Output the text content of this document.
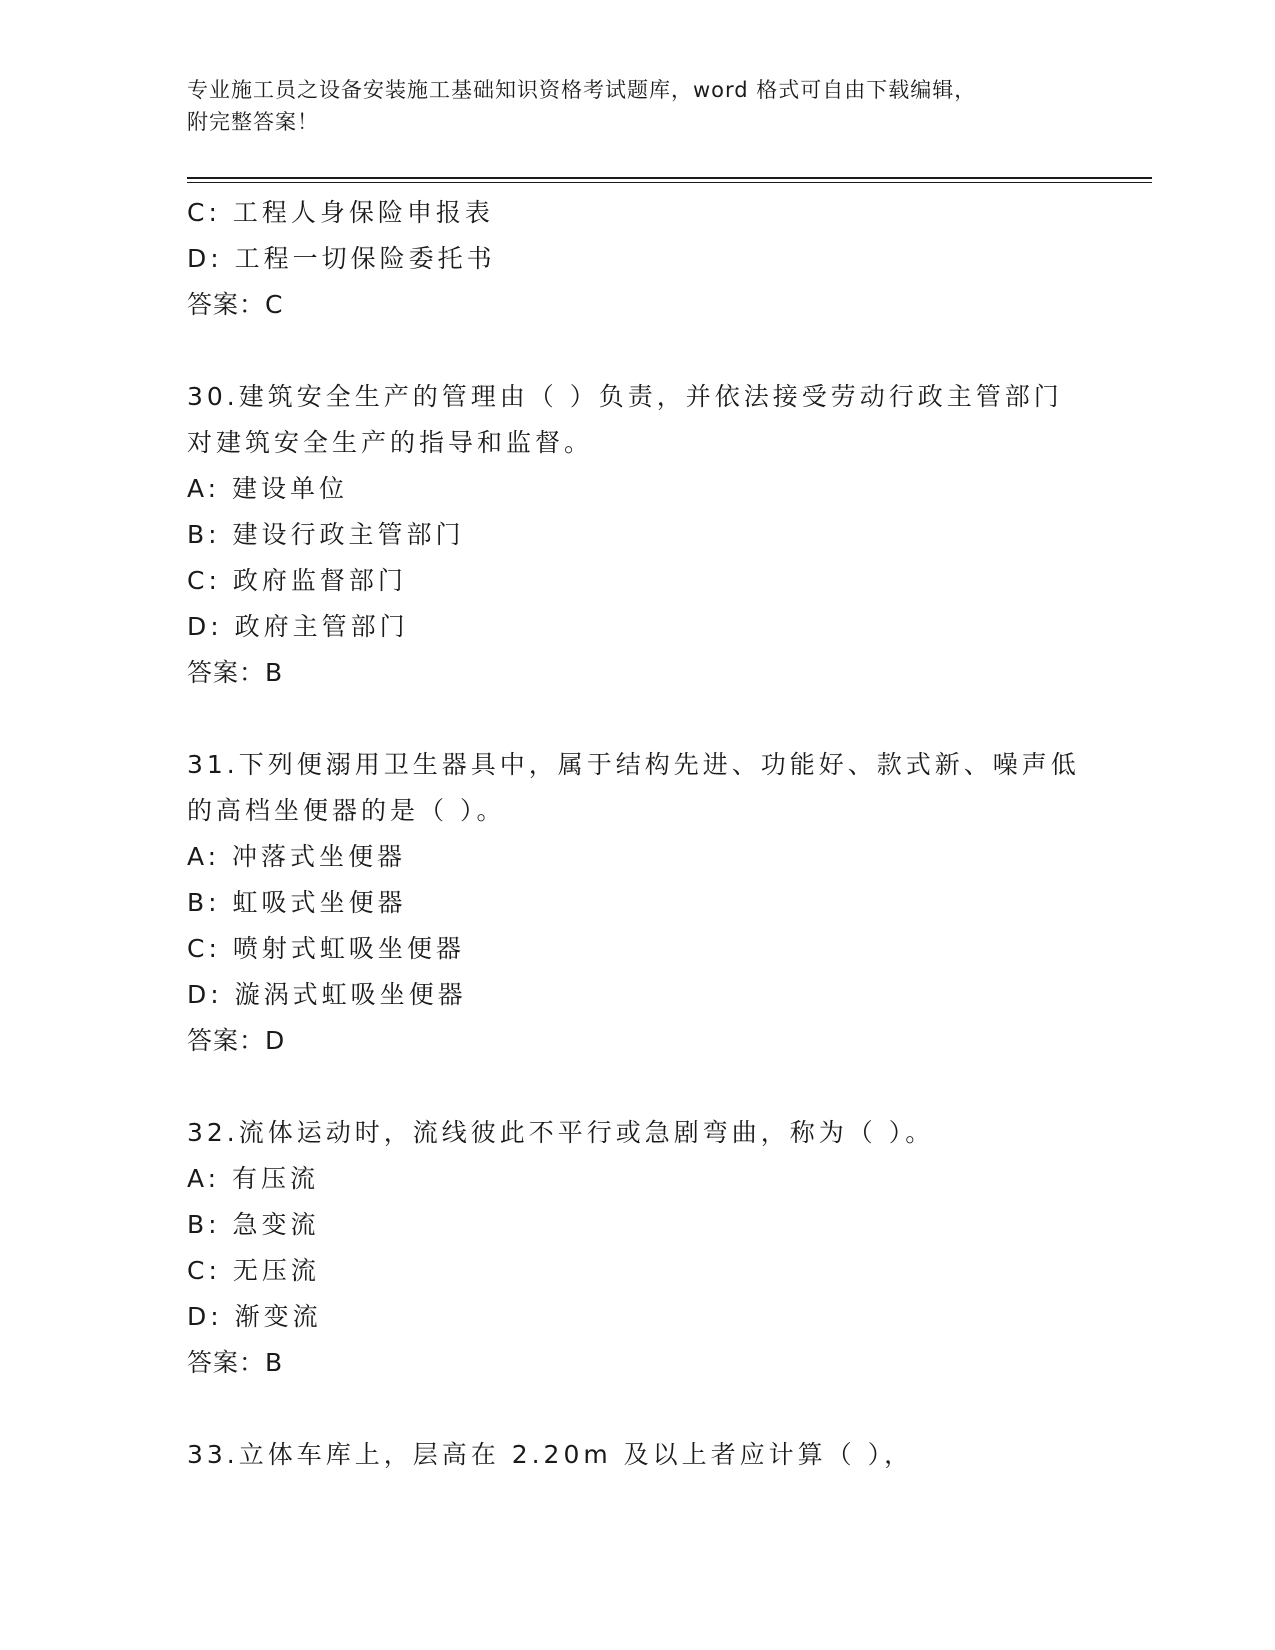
专业施工员之设备安装施工基础知识资格考试题库，word 格式可自由下载编辑，
附完整答案！
C: 工程人身保险申报表
D: 工程一切保险委托书
答案：C
30.建筑安全生产的管理由（ ）负责，并依法接受劳动行政主管部门对建筑安全生产的指导和监督。
A: 建设单位
B: 建设行政主管部门
C: 政府监督部门
D: 政府主管部门
答案：B
31.下列便溺用卫生器具中，属于结构先进、功能好、款式新、噪声低的高档坐便器的是（ ）。
A: 冲落式坐便器
B: 虹吸式坐便器
C: 喷射式虹吸坐便器
D: 漩涡式虹吸坐便器
答案：D
32.流体运动时，流线彼此不平行或急剧弯曲，称为（ ）。
A: 有压流
B: 急变流
C: 无压流
D: 渐变流
答案：B
33.立体车库上，层高在 2.20m 及以上者应计算（ ），
